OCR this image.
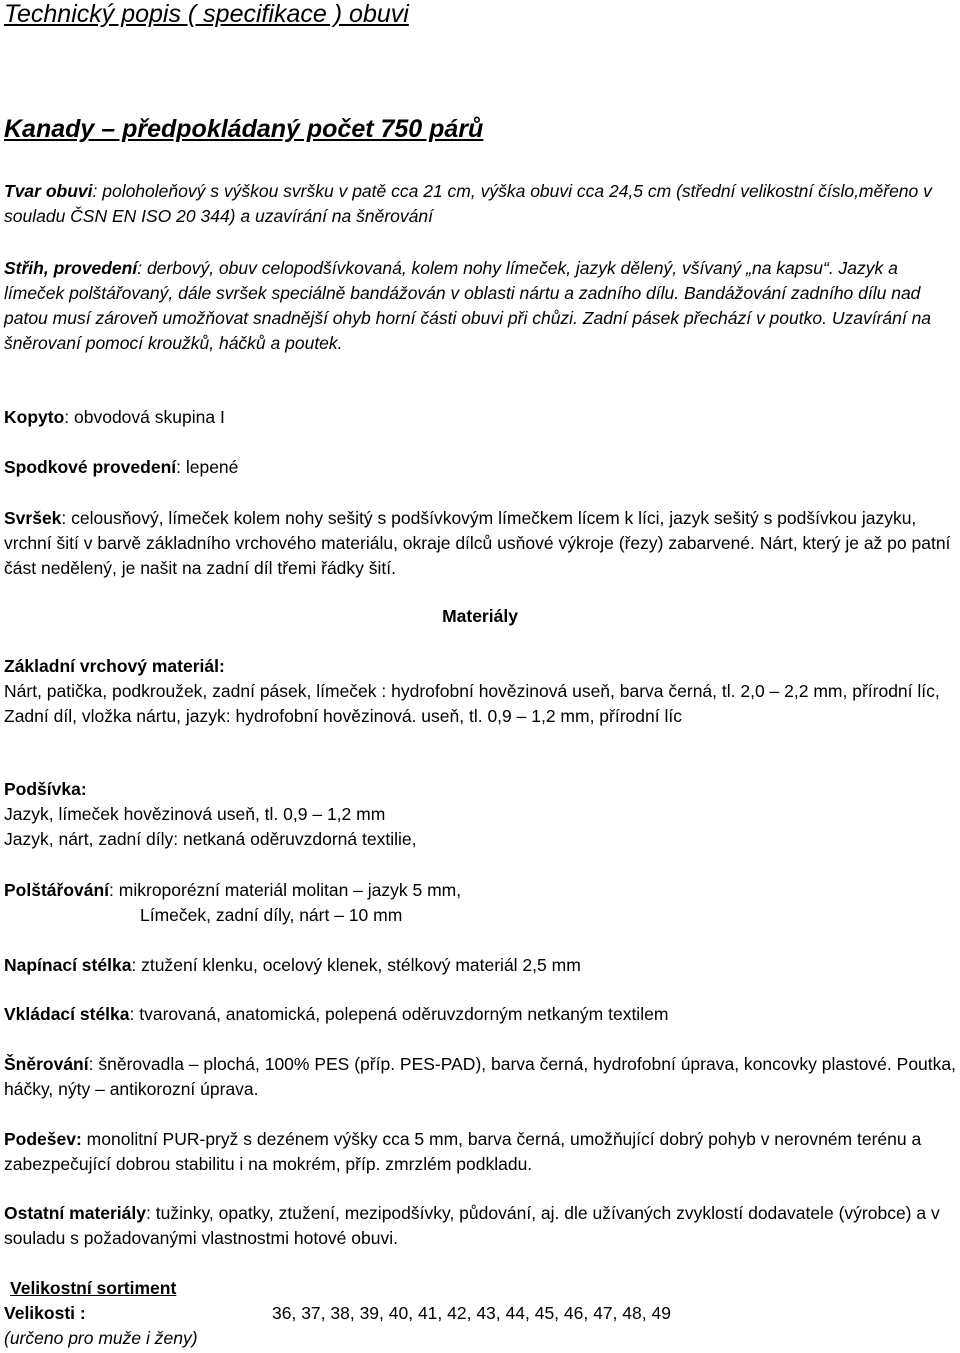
Technický popis ( specifikace ) obuvi
Kanady – předpokládaný počet 750 párů

Tvar obuvi: poloholeňový s výškou svršku v patě cca 21 cm, výška obuvi cca 24,5 cm (střední velikostní číslo,měřeno v souladu ČSN EN ISO 20 344) a uzavírání na šněrování

Střih, provedení: derbový, obuv celopodšívkovaná, kolem nohy límeček, jazyk dělený, všívaný „na kapsu“. Jazyk a límeček polštářovaný, dále svršek speciálně bandážován v oblasti nártu a zadního dílu. Bandážování zadního dílu nad patou musí zároveň umožňovat snadnější ohyb horní části obuvi při chůzi. Zadní pásek přechází v poutko. Uzavírání na šněrovaní pomocí kroužků, háčků a poutek.

Kopyto: obvodová skupina I

Spodkové provedení: lepené

Svršek: celousňový, límeček kolem nohy sešitý s podšívkovým límečkem lícem k líci, jazyk sešitý s podšívkou jazyku, vrchní šití v barvě základního vrchového materiálu, okraje dílců usňové výkroje (řezy) zabarvené. Nárt, který je až po patní část nedělený, je našit na zadní díl třemi řádky šití.

Materiály
Základní vrchový materiál:
Nárt, patička, podkroužek, zadní pásek, límeček : hydrofobní hovězinová useň, barva černá, tl. 2,0 – 2,2 mm, přírodní líc,
Zadní díl, vložka nártu, jazyk: hydrofobní hovězinová. useň, tl. 0,9 – 1,2 mm, přírodní líc
Podšívka:
Jazyk, límeček hovězinová useň, tl. 0,9 – 1,2 mm
Jazyk, nárt, zadní díly: netkaná oděruvzdorná textilie,
Polštářování: mikroporézní materiál molitan – jazyk 5 mm,
Límeček, zadní díly, nárt – 10 mm

Napínací stélka: ztužení klenku, ocelový klenek, stélkový materiál 2,5 mm

Vkládací stélka: tvarovaná, anatomická, polepená oděruvzdorným netkaným textilem

Šněrování: šněrovadla – plochá, 100% PES (příp. PES-PAD), barva černá, hydrofobní úprava, koncovky plastové. Poutka, háčky, nýty – antikorozní úprava.

Podešev: monolitní PUR-pryž s dezénem výšky cca 5 mm, barva černá, umožňující dobrý pohyb v nerovném terénu a zabezpečující dobrou stabilitu i na mokrém, příp. zmrzlém podkladu.

Ostatní materiály: tužinky, opatky, ztužení, mezipodšívky, půdování, aj. dle užívaných zvyklostí dodavatele (výrobce) a v souladu s požadovanými vlastnostmi hotové obuvi.

Velikostní sortiment
Velikosti :	36, 37, 38, 39, 40, 41, 42, 43, 44, 45, 46, 47, 48, 49
(určeno pro muže i ženy)
